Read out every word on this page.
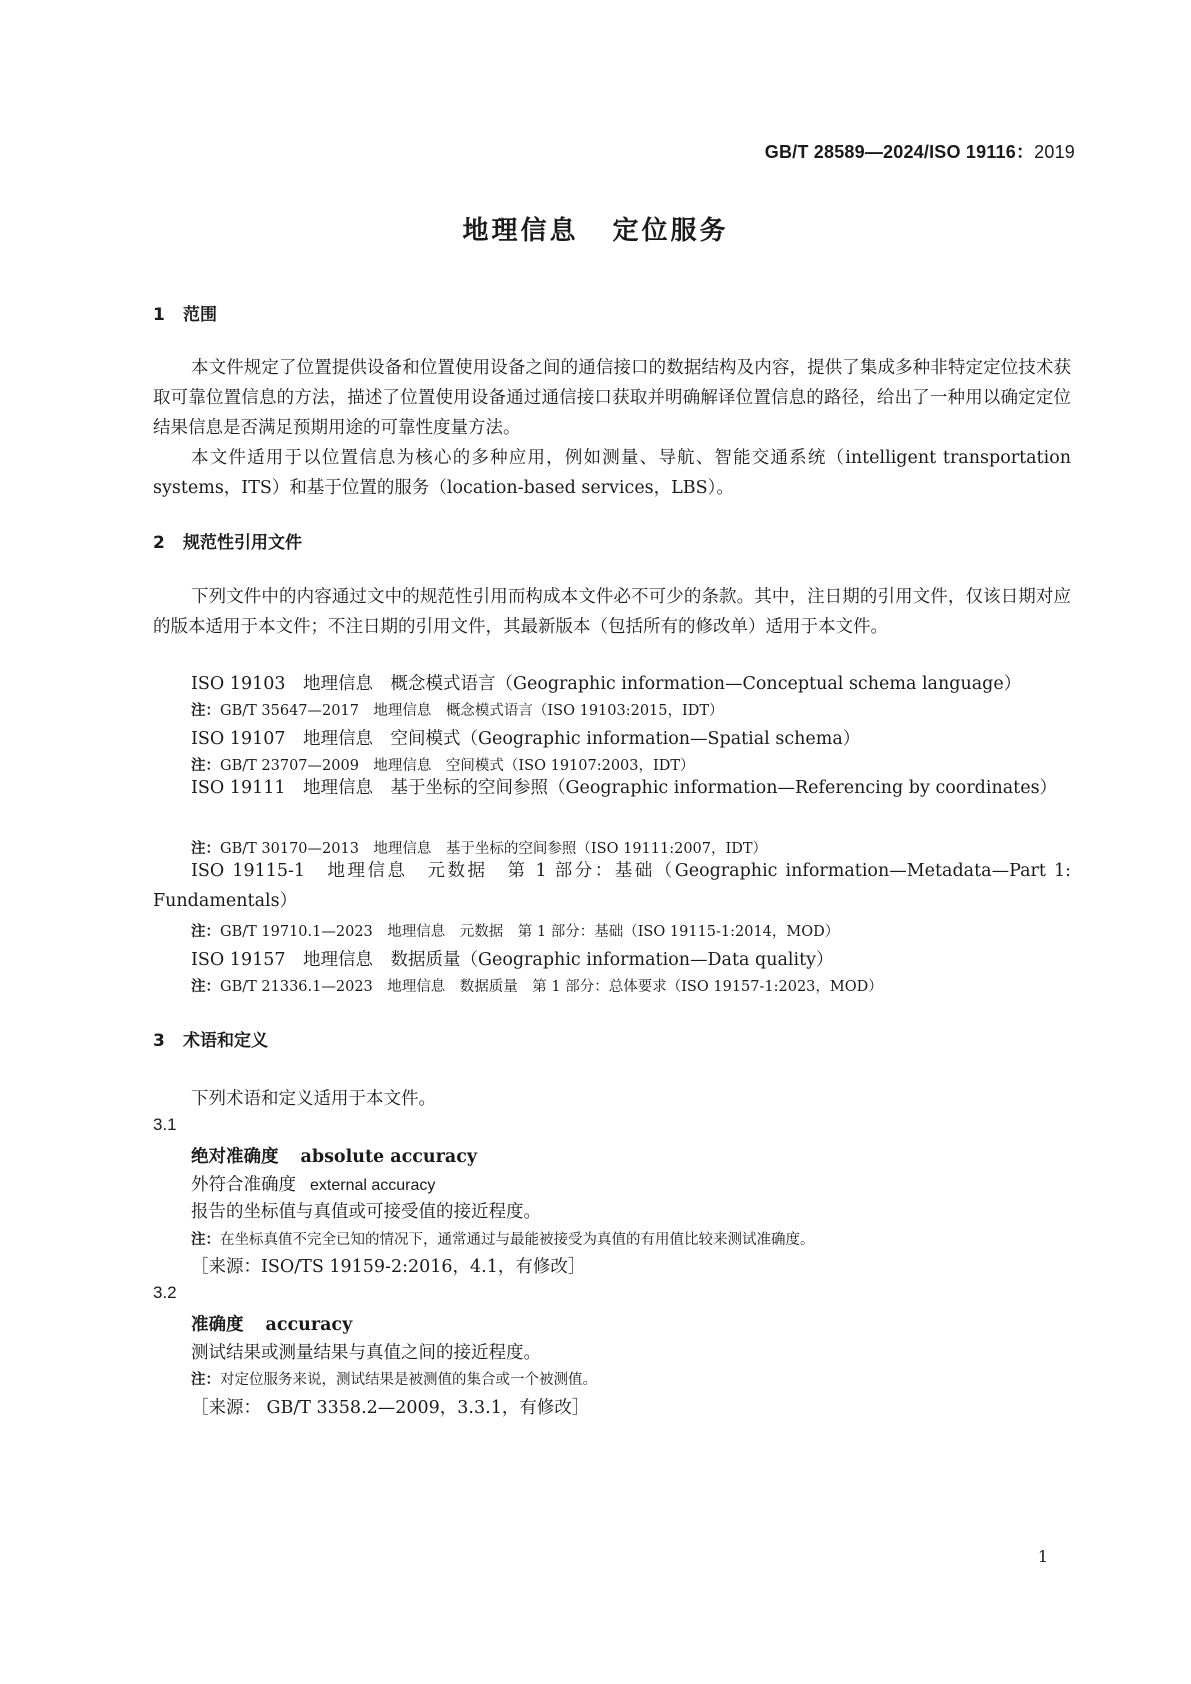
GB/T 28589—2024/ISO 19116：2019
地理信息 定位服务
1 范围
本文件规定了位置提供设备和位置使用设备之间的通信接口的数据结构及内容，提供了集成多种非特定定位技术获取可靠位置信息的方法，描述了位置使用设备通过通信接口获取并明确解译位置信息的路径，给出了一种用以确定定位结果信息是否满足预期用途的可靠性度量方法。
本文件适用于以位置信息为核心的多种应用，例如测量、导航、智能交通系统（intelligent transportation systems，ITS）和基于位置的服务（location-based services，LBS）。
2 规范性引用文件
下列文件中的内容通过文中的规范性引用而构成本文件必不可少的条款。其中，注日期的引用文件，仅该日期对应的版本适用于本文件；不注日期的引用文件，其最新版本（包括所有的修改单）适用于本文件。
ISO 19103　地理信息　概念模式语言（Geographic information—Conceptual schema language）
注：GB/T 35647—2017　地理信息　概念模式语言（ISO 19103:2015，IDT）
ISO 19107　地理信息　空间模式（Geographic information—Spatial schema）
注：GB/T 23707—2009　地理信息　空间模式（ISO 19107:2003，IDT）
ISO 19111　地理信息　基于坐标的空间参照（Geographic information—Referencing by coordinates）
注：GB/T 30170—2013　地理信息　基于坐标的空间参照（ISO 19111:2007，IDT）
ISO 19115-1　地理信息　元数据　第 1 部分：基础（Geographic information—Metadata—Part 1: Fundamentals）
注：GB/T 19710.1—2023　地理信息　元数据　第 1 部分：基础（ISO 19115-1:2014，MOD）
ISO 19157　地理信息　数据质量（Geographic information—Data quality）
注：GB/T 21336.1—2023　地理信息　数据质量　第 1 部分：总体要求（ISO 19157-1:2023，MOD）
3 术语和定义
下列术语和定义适用于本文件。
3.1
绝对准确度 absolute accuracy
外符合准确度 external accuracy
报告的坐标值与真值或可接受值的接近程度。
注：在坐标真值不完全已知的情况下，通常通过与最能被接受为真值的有用值比较来测试准确度。
［来源：ISO/TS 19159-2:2016，4.1，有修改］
3.2
准确度 accuracy
测试结果或测量结果与真值之间的接近程度。
注：对定位服务来说，测试结果是被测值的集合或一个被测值。
［来源： GB/T 3358.2—2009，3.3.1，有修改］
1
